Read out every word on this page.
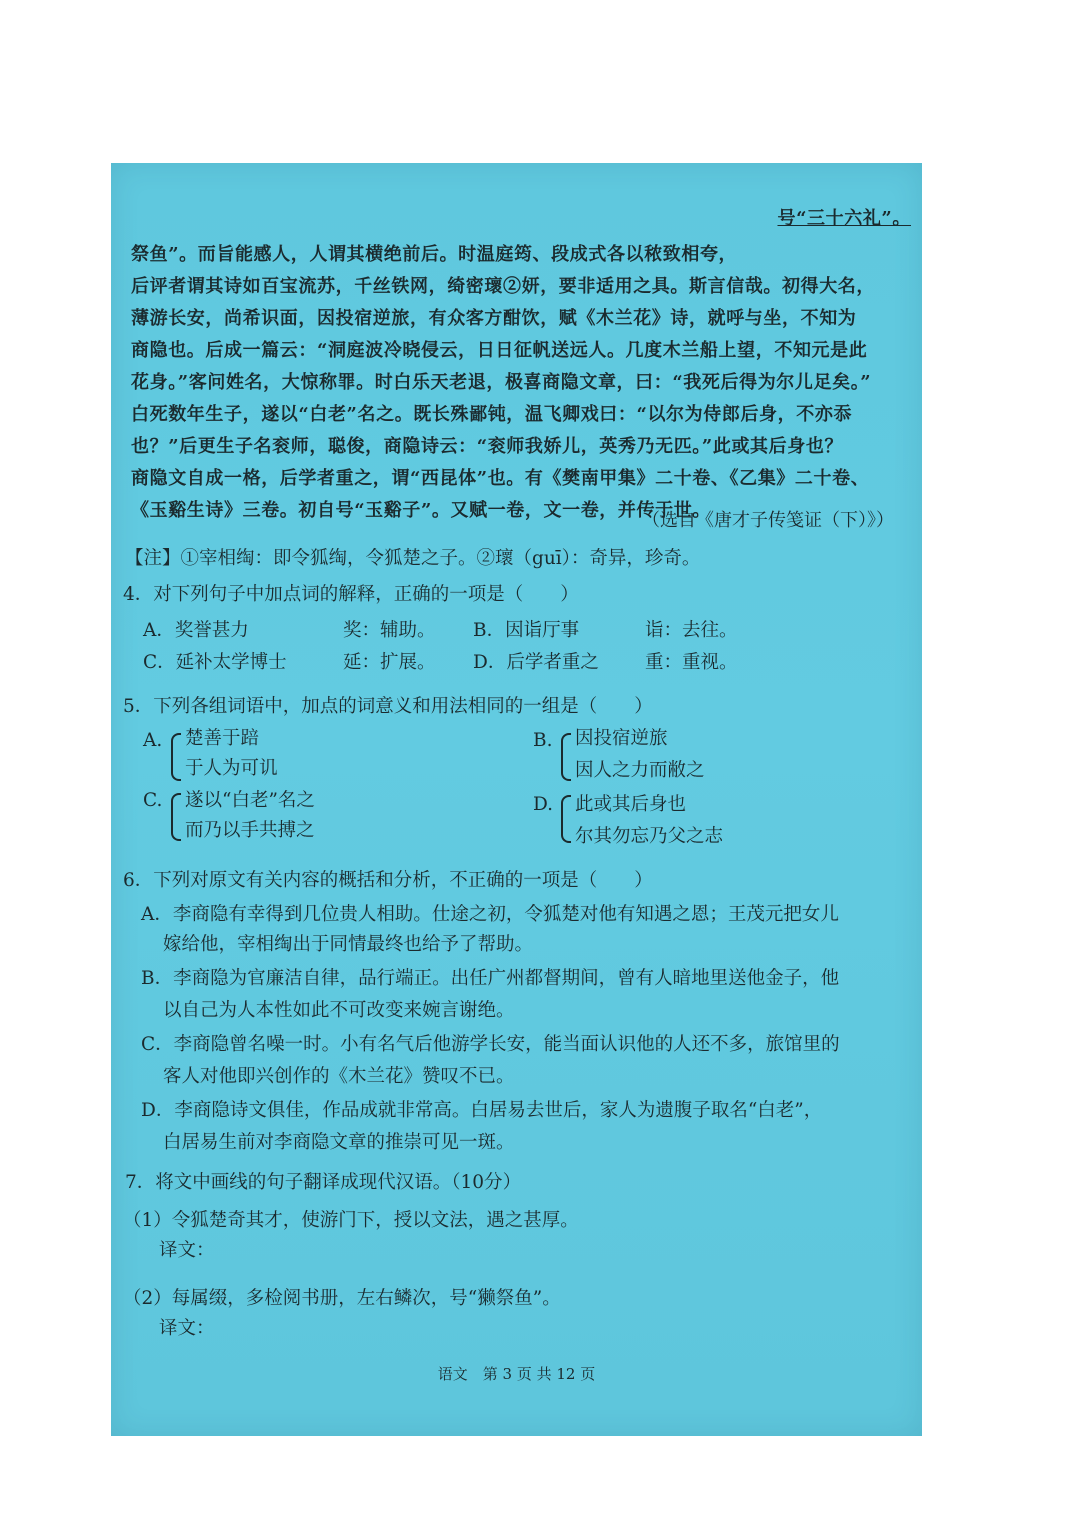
号“三十六礼”。
祭鱼”。而旨能感人，人谓其横绝前后。时温庭筠、段成式各以秾致相夸，
后评者谓其诗如百宝流苏，千丝铁网，绮密瓌②妍，要非适用之具。斯言信哉。初得大名，
薄游长安，尚希识面，因投宿逆旅，有众客方酣饮，赋《木兰花》诗，就呼与坐，不知为
商隐也。后成一篇云：“洞庭波冷晓侵云，日日征帆送远人。几度木兰船上望，不知元是此
花身。”客问姓名，大惊称罪。时白乐天老退，极喜商隐文章，曰：“我死后得为尔儿足矣。”
白死数年生子，遂以“白老”名之。既长殊鄙钝，温飞卿戏曰：“以尔为侍郎后身，不亦忝
也？”后更生子名衮师，聪俊，商隐诗云：“衮师我娇儿，英秀乃无匹。”此或其后身也？
商隐文自成一格，后学者重之，谓“西昆体”也。有《樊南甲集》二十卷、《乙集》二十卷、
《玉谿生诗》三卷。初自号“玉谿子”。又赋一卷，文一卷，并传于世。
（选自《唐才子传笺证（下）》）
【注】①宰相绹：即令狐绹，令狐楚之子。②瓌（guī）：奇异，珍奇。
4．对下列句子中加点词的解释，正确的一项是（　　）
A．奖誉甚力	奖：辅助。 B．因诣厅事	诣：去往。
C．延补太学博士	延：扩展。 D．后学者重之 重：重视。
5．下列各组词语中，加点的词意义和用法相同的一组是（　　）
A. 楚善于踣
于人为可讥
B. 因投宿逆旅
因人之力而敝之
C. 遂以“白老”名之
而乃以手共搏之
D. 此或其后身也
尔其勿忘乃父之志
6．下列对原文有关内容的概括和分析，不正确的一项是（　　）
A．李商隐有幸得到几位贵人相助。仕途之初，令狐楚对他有知遇之恩；王茂元把女儿
嫁给他，宰相绹出于同情最终也给予了帮助。
B．李商隐为官廉洁自律，品行端正。出任广州都督期间，曾有人暗地里送他金子，他
以自己为人本性如此不可改变来婉言谢绝。
C．李商隐曾名噪一时。小有名气后他游学长安，能当面认识他的人还不多，旅馆里的
客人对他即兴创作的《木兰花》赞叹不已。
D．李商隐诗文俱佳，作品成就非常高。白居易去世后，家人为遗腹子取名“白老”，
白居易生前对李商隐文章的推崇可见一斑。
7．将文中画线的句子翻译成现代汉语。（10分）
（1）令狐楚奇其才，使游门下，授以文法，遇之甚厚。
译文：
（2）每属缀，多检阅书册，左右鳞次，号“獭祭鱼”。
译文：
语文　第 3 页 共 12 页
